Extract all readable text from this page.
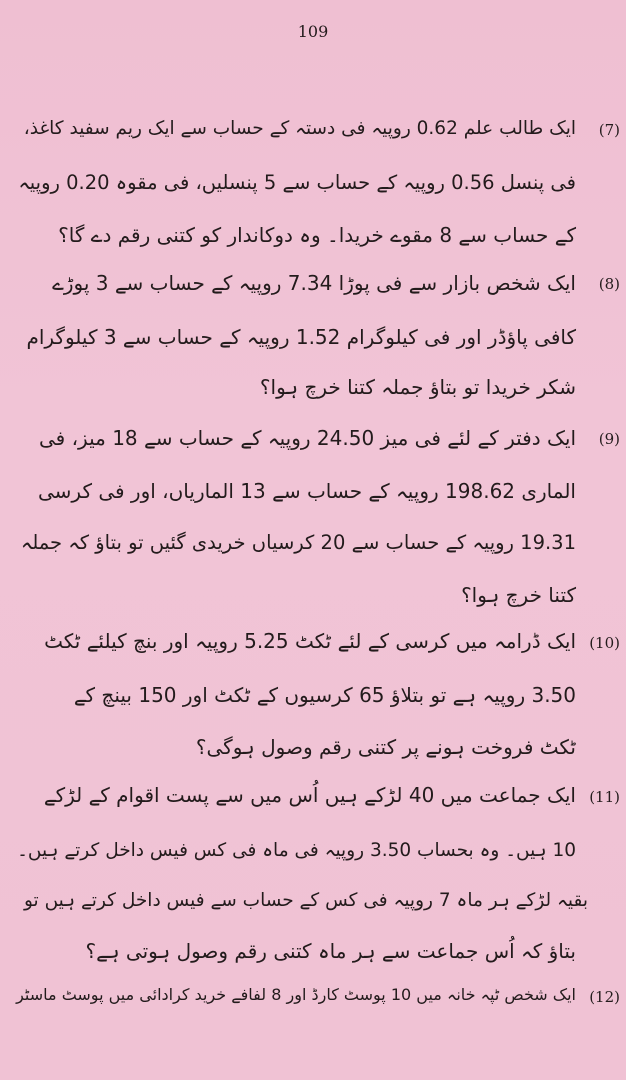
109
(7)
ایک طالب علم 0.62 روپیہ فی دستہ کے حساب سے ایک ریم سفید کاغذ،
فی پنسل 0.56 روپیہ کے حساب سے 5 پنسلیں، فی مقوہ 0.20 روپیہ
کے حساب سے 8 مقوے خریدا۔ وہ دوکاندار کو کتنی رقم دے گا؟
(8)
ایک شخص بازار سے فی پوڑا 7.34 روپیہ کے حساب سے 3 پوڑے
کافی پاؤڈر اور فی کیلوگرام 1.52 روپیہ کے حساب سے 3 کیلوگرام
شکر خریدا تو بتاؤ جملہ کتنا خرچ ہوا؟
(9)
ایک دفتر کے لئے فی میز 24.50 روپیہ کے حساب سے 18 میز، فی
الماری 198.62 روپیہ کے حساب سے 13 الماریاں، اور فی کرسی
19.31 روپیہ کے حساب سے 20 کرسیاں خریدی گئیں تو بتاؤ کہ جملہ
کتنا خرچ ہوا؟
(10)
ایک ڈرامہ میں کرسی کے لئے ٹکٹ 5.25 روپیہ اور بنچ کیلئے ٹکٹ
3.50 روپیہ ہے تو بتلاؤ 65 کرسیوں کے ٹکٹ اور 150 بینچ کے
ٹکٹ فروخت ہونے پر کتنی رقم وصول ہوگی؟
(11)
ایک جماعت میں 40 لڑکے ہیں اُس میں سے پست اقوام کے لڑکے
10 ہیں۔ وہ بحساب 3.50 روپیہ فی ماہ فی کس فیس داخل کرتے ہیں۔
بقیہ لڑکے ہر ماہ 7 روپیہ فی کس کے حساب سے فیس داخل کرتے ہیں تو
بتاؤ کہ اُس جماعت سے ہر ماہ کتنی رقم وصول ہوتی ہے؟
(12)
ایک شخص ٹپہ خانہ میں 10 پوسٹ کارڈ اور 8 لفافے خرید کرادائی میں پوسٹ ماسٹر
